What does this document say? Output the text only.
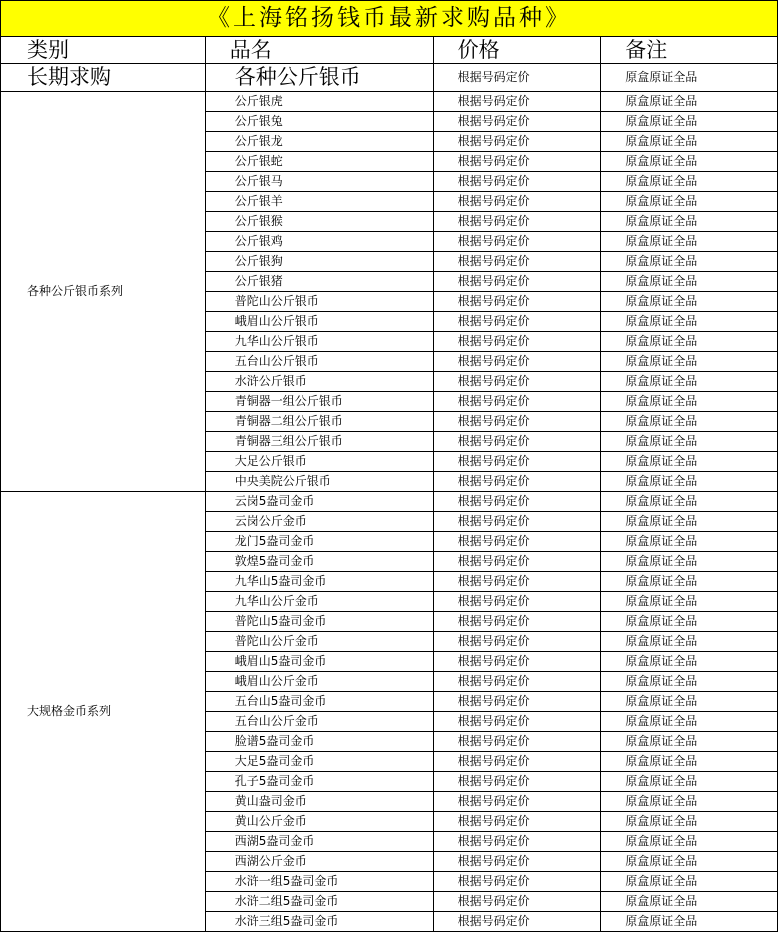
《上海铭扬钱币最新求购品种》
类别	品名	价格	备注
长期求购	各种公斤银币	根据号码定价	原盒原证全品
各种公斤银币系列	公斤银虎	根据号码定价	原盒原证全品
	公斤银兔	根据号码定价	原盒原证全品
	公斤银龙	根据号码定价	原盒原证全品
	公斤银蛇	根据号码定价	原盒原证全品
	公斤银马	根据号码定价	原盒原证全品
	公斤银羊	根据号码定价	原盒原证全品
	公斤银猴	根据号码定价	原盒原证全品
	公斤银鸡	根据号码定价	原盒原证全品
	公斤银狗	根据号码定价	原盒原证全品
	公斤银猪	根据号码定价	原盒原证全品
	普陀山公斤银币	根据号码定价	原盒原证全品
	峨眉山公斤银币	根据号码定价	原盒原证全品
	九华山公斤银币	根据号码定价	原盒原证全品
	五台山公斤银币	根据号码定价	原盒原证全品
	水浒公斤银币	根据号码定价	原盒原证全品
	青铜器一组公斤银币	根据号码定价	原盒原证全品
	青铜器二组公斤银币	根据号码定价	原盒原证全品
	青铜器三组公斤银币	根据号码定价	原盒原证全品
	大足公斤银币	根据号码定价	原盒原证全品
	中央美院公斤银币	根据号码定价	原盒原证全品
大规格金币系列	云岗5盎司金币	根据号码定价	原盒原证全品
	云岗公斤金币	根据号码定价	原盒原证全品
	龙门5盎司金币	根据号码定价	原盒原证全品
	敦煌5盎司金币	根据号码定价	原盒原证全品
	九华山5盎司金币	根据号码定价	原盒原证全品
	九华山公斤金币	根据号码定价	原盒原证全品
	普陀山5盎司金币	根据号码定价	原盒原证全品
	普陀山公斤金币	根据号码定价	原盒原证全品
	峨眉山5盎司金币	根据号码定价	原盒原证全品
	峨眉山公斤金币	根据号码定价	原盒原证全品
	五台山5盎司金币	根据号码定价	原盒原证全品
	五台山公斤金币	根据号码定价	原盒原证全品
	脸谱5盎司金币	根据号码定价	原盒原证全品
	大足5盎司金币	根据号码定价	原盒原证全品
	孔子5盎司金币	根据号码定价	原盒原证全品
	黄山盎司金币	根据号码定价	原盒原证全品
	黄山公斤金币	根据号码定价	原盒原证全品
	西湖5盎司金币	根据号码定价	原盒原证全品
	西湖公斤金币	根据号码定价	原盒原证全品
	水浒一组5盎司金币	根据号码定价	原盒原证全品
	水浒二组5盎司金币	根据号码定价	原盒原证全品
	水浒三组5盎司金币	根据号码定价	原盒原证全品
